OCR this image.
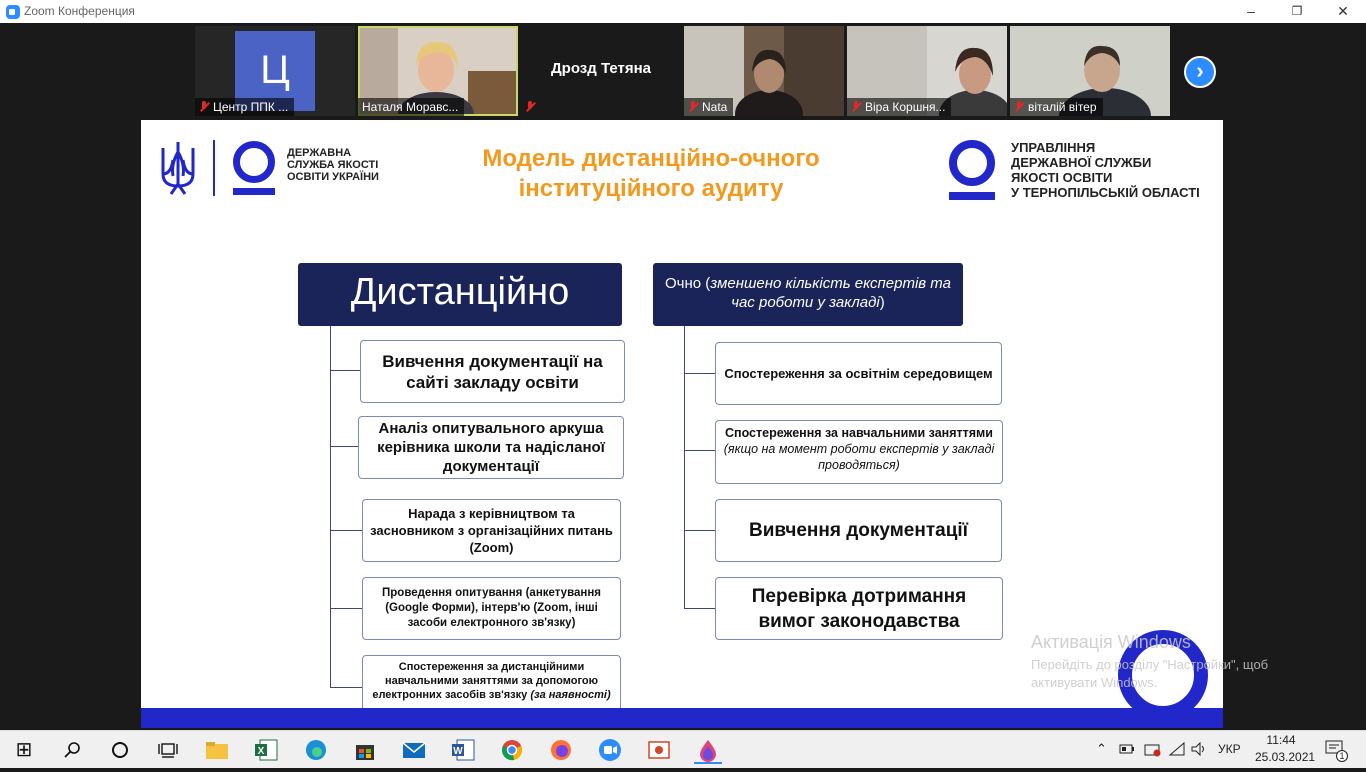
Zoom Конференция	–	❐	✕
Ц
Центр ППК ...	Наталя Моравс...
Дрозд Тетяна
Nata	Віра Коршня...	віталій вітер
›
ДЕРЖАВНА СЛУЖБА ЯКОСТІ ОСВІТИ УКРАЇНИ
Модель дистанційно-очного
інституційного аудиту
УПРАВЛІННЯ
ДЕРЖАВНОЇ СЛУЖБИ
ЯКОСТІ ОСВІТИ
У ТЕРНОПІЛЬСЬКІЙ ОБЛАСТІ
Дистанційно	Очно (зменшено кількість експертів та час роботи у закладі)
Вивчення документації на сайті закладу освіти
Аналіз опитувального аркуша керівника школи та надісланої документації
Нарада з керівництвом та засновником з організаційних питань (Zoom)
Проведення опитування (анкетування (Google Форми), інтерв'ю (Zoom, інші засоби електронного зв'язку)
Спостереження за дистанційними навчальними заняттями за допомогою електронних засобів зв'язку (за наявності)
Спостереження за освітнім середовищем
Спостереження за навчальними заняттями (якщо на момент роботи експертів у закладі проводяться)
Вивчення документації
Перевірка дотримання вимог законодавства
Активація Windows
Перейдіть до розділу "Настройки", щоб
активувати Windows.
⊞	X	W	⌃	УКР
11:44
25.03.2021	1
